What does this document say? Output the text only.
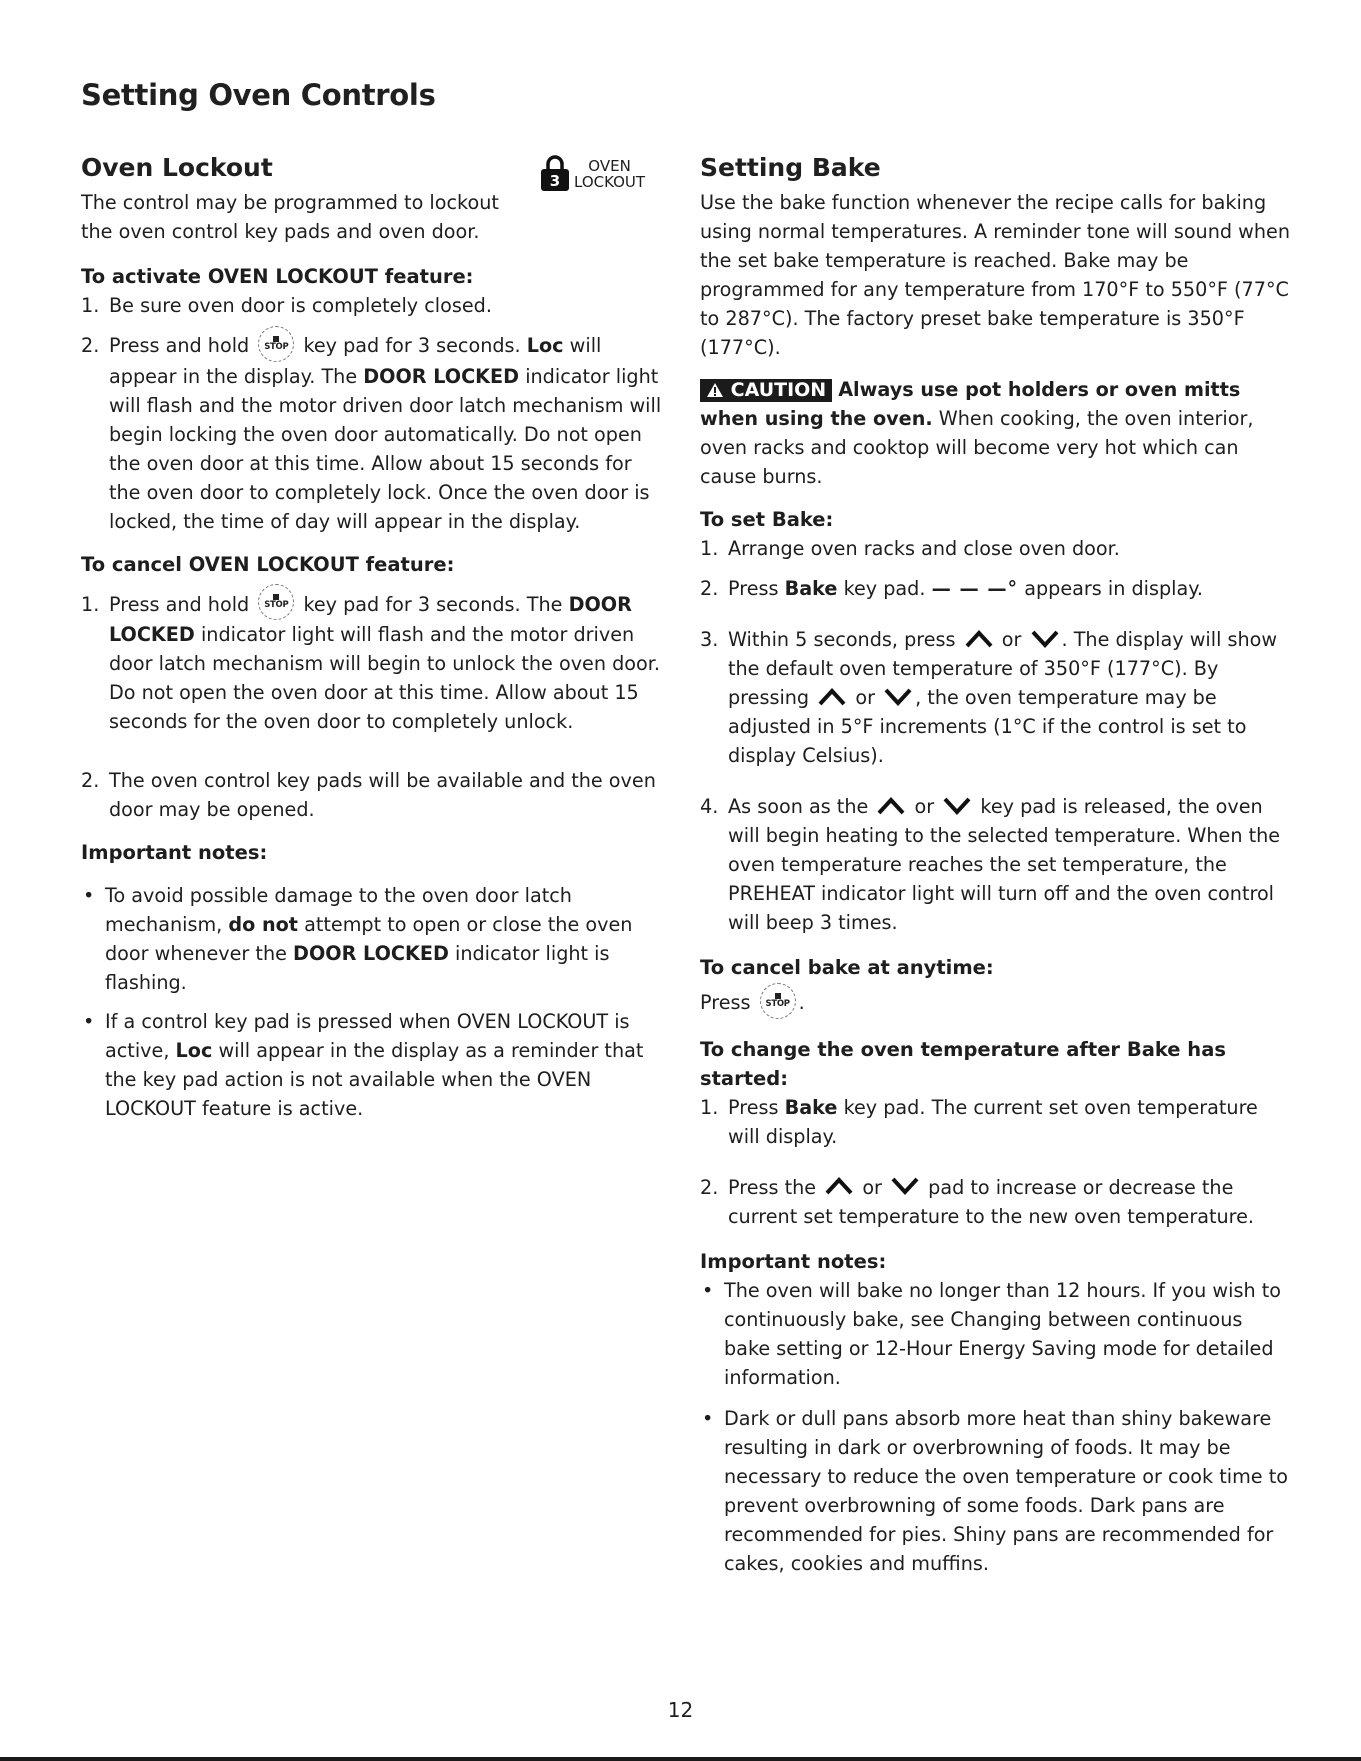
Setting Oven Controls
Oven Lockout

The control may be programmed to lockout the oven control key pads and oven door.

To activate OVEN LOCKOUT feature:

1. Be sure oven door is completely closed.
2. Press and hold STOP key pad for 3 seconds. Loc will appear in the display. The DOOR LOCKED indicator light will flash and the motor driven door latch mechanism will begin locking the oven door automatically. Do not open the oven door at this time. Allow about 15 seconds for the oven door to completely lock. Once the oven door is locked, the time of day will appear in the display.

To cancel OVEN LOCKOUT feature:

1. Press and hold STOP key pad for 3 seconds. The DOOR LOCKED indicator light will flash and the motor driven door latch mechanism will begin to unlock the oven door. Do not open the oven door at this time. Allow about 15 seconds for the oven door to completely unlock.
2. The oven control key pads will be available and the oven door may be opened.

Important notes:

• To avoid possible damage to the oven door latch mechanism, do not attempt to open or close the oven door whenever the DOOR LOCKED indicator light is flashing.
• If a control key pad is pressed when OVEN LOCKOUT is active, Loc will appear in the display as a reminder that the key pad action is not available when the OVEN LOCKOUT feature is active.
3
OVEN
LOCKOUT Setting Bake

Use the bake function whenever the recipe calls for baking using normal temperatures. A reminder tone will sound when the set bake temperature is reached. Bake may be programmed for any temperature from 170°F to 550°F (77°C to 287°C). The factory preset bake temperature is 350°F (177°C).

CAUTION Always use pot holders or oven mitts when using the oven. When cooking, the oven interior, oven racks and cooktop will become very hot which can cause burns.

To set Bake:

1. Arrange oven racks and close oven door.
2. Press Bake key pad. — — —° appears in display.
3. Within 5 seconds, press or . The display will show the default oven temperature of 350°F (177°C). By pressing or , the oven temperature may be adjusted in 5°F increments (1°C if the control is set to display Celsius).
4. As soon as the or key pad is released, the oven will begin heating to the selected temperature. When the oven temperature reaches the set temperature, the PREHEAT indicator light will turn off and the oven control will beep 3 times.

To cancel bake at anytime:

Press STOP .

To change the oven temperature after Bake has started:

1. Press Bake key pad. The current set oven temperature will display.
2. Press the or pad to increase or decrease the current set temperature to the new oven temperature.

Important notes:

• The oven will bake no longer than 12 hours. If you wish to continuously bake, see Changing between continuous bake setting or 12-Hour Energy Saving mode for detailed information.
• Dark or dull pans absorb more heat than shiny bakeware resulting in dark or overbrowning of foods. It may be necessary to reduce the oven temperature or cook time to prevent overbrowning of some foods. Dark pans are recommended for pies. Shiny pans are recommended for cakes, cookies and muffins.
12
